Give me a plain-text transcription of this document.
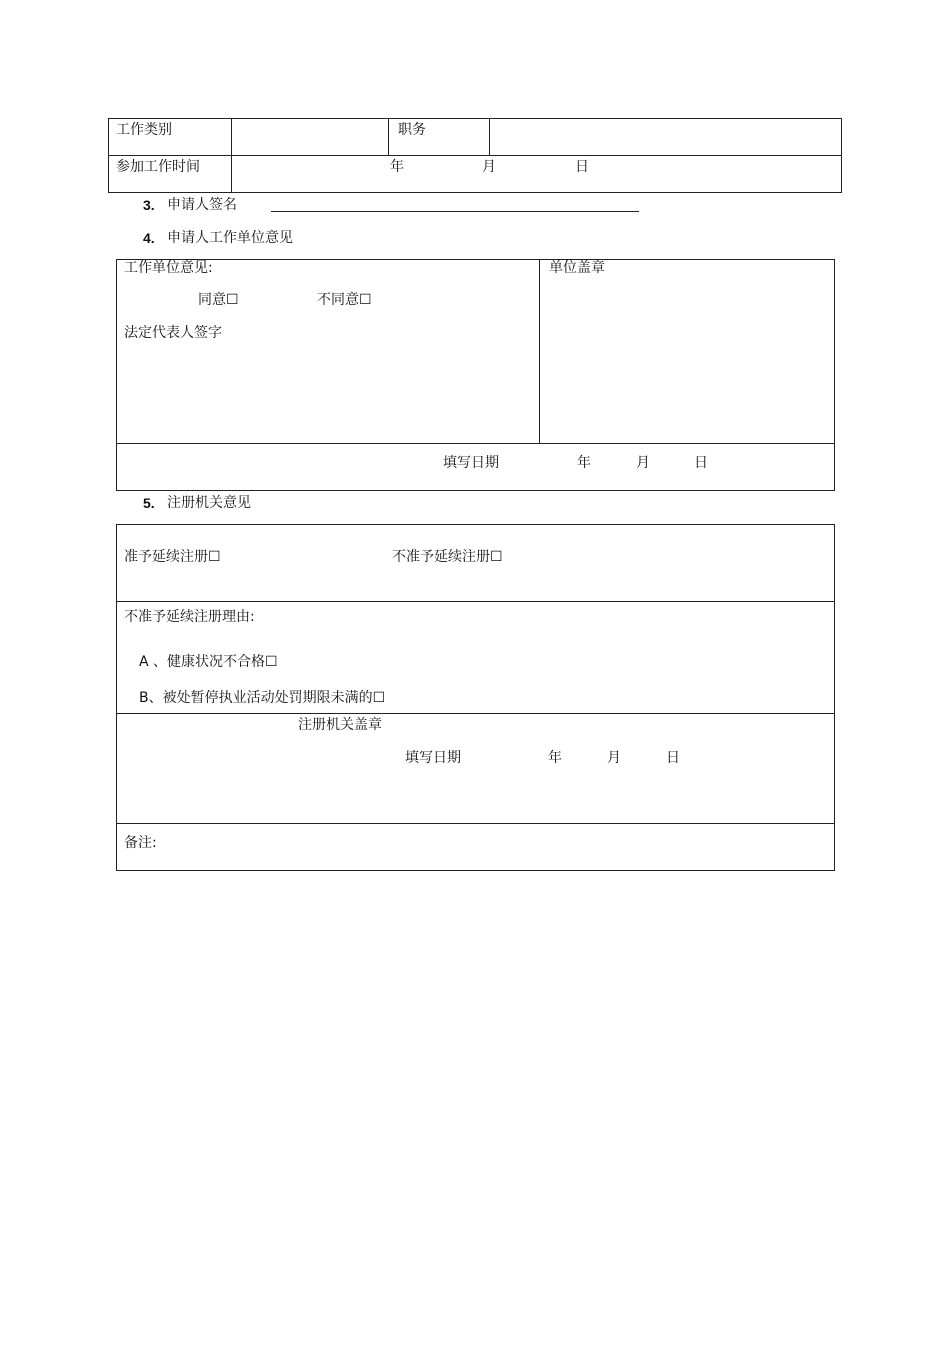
工作类别	职务
参加工作时间	年	月	日
3. 申请人签名
4. 申请人工作单位意见
工作单位意见:
同意☐	不同意☐
法定代表人签字
单位盖章
填写日期	年	月	日
5. 注册机关意见
准予延续注册☐	不准予延续注册☐
不准予延续注册理由:
A 、健康状况不合格☐
B、被处暂停执业活动处罚期限未满的☐
注册机关盖章
填写日期	年	月	日
备注:
